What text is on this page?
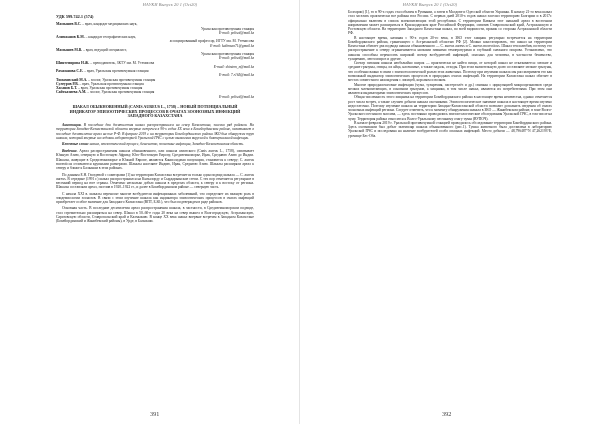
НАУКИ Выпуск 20 1 (Oct20)

УДК 599.742.1 (574)

Мамышев В.С. – врач, кандидат медицинских наук,

Уральская противочумная станция

E-mail: pelisol@mail.kz

Алимжанов К.М. – кандидат географических наук,

ассоциированный профессор, ИГТУ им. М. Утемисова

E-mail: kalimsan71@gmail.kz

Мамышев М.В. – врач, ведущий специалист,

Уральская противочумная станция

E-mail: pelisol@mail.kz

Шинтемирова Н.Ж. – преподаватель, ЗКТУ им. М. Утемисова

E-mail: shintem_n@mail.kz

Рамазанова С.Е. – врач, Уральская противочумная станция

E-mail: 7.r165@mail.kz

Тимаховский М.А. – зоолог, Уральская противочумная станция

Сулеуров Р.В. – врач, Уральская противочумная станция

Хасанов Б.Т. – врач, Уральская противочумная станция

Сайтказиева А.М. – зоолог, Уральская противочумная станция

E-mail: pelisol@mail.kz

ШАКАЛ ОБЫКНОВЕННЫЙ (CANIS AUREUS L., 1758) – НОВЫЙ ПОТЕНЦИАЛЬНЫЙ ИНДИКАТОР ЭПИЗООТИЧЕСКИХ ПРОЦЕССОВ В ОЧАГАХ ЗООНОЗНЫХ ИНФЕКЦИЙ ЗАПАДНОГО КАЗАХСТАНА

Аннотация. В последние два десятилетия шакал распространился на север Казахстана, заселив ряд районов. На территории Западно-Казахстанской области впервые встречен в 90-х годах XX века в Бокейординском районе, охватывает в последнее десятилетие ареал на юге Р-Ф. В феврале 2019 г. на территории Бокейординского района ЗКО был обнаружен труп шакала, который впервые исследован лабораторией Уральской ПЧС с целью выявления вирусной и бактериальной инфекции.

Ключевые слова: шакал, эпизоотический процесс, бешенство, зоонозные инфекции, Западно-Казахстанская область.

Введение. Ареал распространения шакала обыкновенного, или шакала азиатского (Canis aureus L., 1758), охватывает Южную Азию, северную и Восточную Африку, Юго-Восточную Европу, Средиземноморье, Ирак, Среднюю Азию до Индии. Шакалы, живущие в Средиземноморье и Южной Европе, являются Канисоидами популяции, становится к северу; С. aureus moreoticus отличаются крупными размерами. Шакалы населяют Индию, Иран, Среднюю Азию. Шакалы расширяли ареал к северу и ближе к Балканам в этих районах.

По данным Е.Н. Гвоздевой с соавторами [1] на территории Казахстана встречается только один подвид шакала — C. aureus aureus. В середине (1991 г.) шакал распространился на Кызылорду и Сырдарьинские степи. С тех пор отмечается регулярное в весенний период на юге страны. Отмечено несколько добыч шакала в пределах области, к северу и к востоку от региона. Шакалы составляли ареал, заселив в 1920–1922 гг., и далее в Бокейординском районе — северную часть.

С начала XXI в. шакалы переносят многие возбудители инфекционных заболеваний, что определяет их важную роль в эпидемиологии зоонозов. В связи с этим изучение шакала как индикатора эпизоотических процессов в очагах инфекций приобретает особое значение для Западного Казахстана (ВПТ, Б.Ю.), что был подтвержден в ряде районов.

Основная часть. В последние десятилетия ареал распространения шакала, в частности, в Средиземноморском подвиде, стал стремительно расширяться на север. Шакал в 50–60-е годы 20 века на север вышел в Волгоградскую, Астраханскую, Саратовскую области, Ставропольский край и Калмыкию. В конце XX века шакал впервые встречен в Западном Казахстане (Бокейординский и Жанибекский районы), в Урде, в Балыкши.

391
НАУКИ Выпуск 20 1 (Oct20)

Болгарии) [1], то в 90-х годах стал обычен в Румынии, а затем в Молдове и Одесской области Украины. К началу 21-го века шакал стал заселять практически все районы юга России. С первых дней 2010-х годов шакал заселил территорию Болгарии и в 2017г. официально включен в список млекопитающих этой республики. С территории Кавказа этот шакалий ареал в восточном направлении может расширяться в Краснодарском крае Российской Федерации, охватив Ставропольский край, Астраханскую и Ростовскую области. На территорию Западного Казахстана шакал, по всей видимости, проник со стороны Астраханской области РФ.

В настоящее время, начиная с 90-х годов 20-го века, в ЗКО этот хищник регулярно встречается на территории Бокейординского района, граничащего с Астраханской областью РФ [2]. Можно констатировать, что шакал на территории Казахстана обитает два подвида шакала обыкновенного — C. aureus aureus и C. aureus moreoticus. Шакал теплолюбив, поэтому его распространение к северу ограничивается низкими зимними температурами и глубиной снежного покрова. Установлено, что шакалы способны переносить широкий спектр возбудителей инфекций, опасных для человека, в частности бешенство, туляремию, лептоспироз и другие.

Спектр питания шакала необычайно широк — практически не найти пищи, от которой шакал не отказывается: мелкие и средние грызуны, птицы, их яйца, насекомые, а также падаль, отходы. При этом значительную долю составляют мелкие грызуны, что особенно важно в связи с эпизоотологической ролью этих животных. Поэтому при изучении шакала мы рассматриваем его как возможный индикатор эпизоотических процессов в природных очагах инфекций. На территории Казахстана шакал обитает в местах совместного нахождения с лисицей, корсаком и волком.

Многие природноочаговые инфекции (чума, туляремия, пастереллёз и др.) связаны с циркуляцией микроорганизмов среди мелких млекопитающих, в основном грызунов, а хищники, в том числе шакал, являются их потребителями. При этом они являются индикаторами эпизоотических процессов.

Общая численность этого хищника на территории Бокейординского района в настоящее время неизвестна, однако отмечается рост числа встреч, а также случаев добычи шакала охотниками. Эпизоотологическое значение шакала в настоящее время изучено недостаточно. Поэтому изучение шакала на территории Западно-Казахстанской области позволит дополнить сведения об очагах зоонозных инфекций региона. Следует отметить, что к моменту обнаружения шакала в ЗКО — Жанибекском районе, в зоне Волго-Уральского песчаного массива, — здесь постоянно проводились эпизоотологические обследования Уральской ПЧС, в том числе на чуму. Территория района относится к Волго-Уральскому песчаному очагу чумы (ВУПОЧ).

В начале февраля 2019 г. Уральской противочумной станцией проводилось обследование территории Бокейординского района. Здесь охотниками был добыт экземпляр шакала обыкновенного (рис.1). Тушка животного была доставлена в лабораторию Уральской ПЧС и исследована на наличие возбудителей особо опасных инфекций. Место добычи — 48,796487°N 47,262193°E, урочище Бес-Оба.

392
